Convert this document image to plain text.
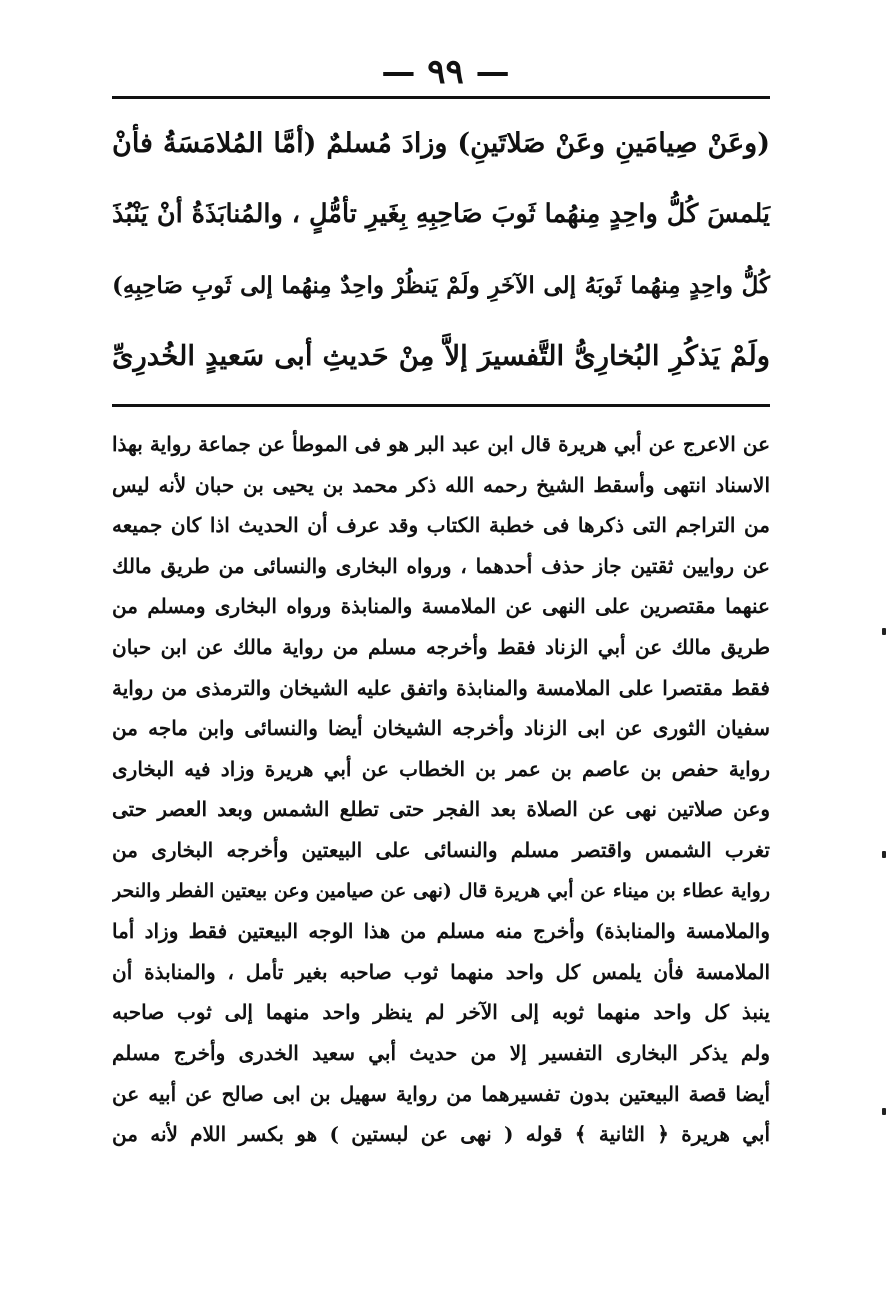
— ٩٩ —
(وعَنْ صِيامَينِ وعَنْ صَلاتَينِ) وزادَ مُسلمٌ (أمَّا المُلامَسَةُ فأنْ
يَلمسَ كُلُّ واحِدٍ مِنهُما ثَوبَ صَاحِبِهِ بِغَيرِ تأمُّلٍ ، والمُنابَذَةُ أنْ يَنْبُذَ
كُلُّ واحِدٍ مِنهُما ثَوبَهُ إلى الآخَرِ ولَمْ يَنظُرْ واحِدٌ مِنهُما إلى ثَوبِ صَاحِبِهِ)
ولَمْ يَذكُرِ البُخارِىُّ التَّفسيرَ إلاَّ مِنْ حَديثِ أبى سَعيدٍ الخُدرِىِّ
عن الاعرج عن أبي هريرة قال ابن عبد البر هو فى الموطأ عن جماعة رواية بهذا
الاسناد انتهى وأسقط الشيخ رحمه الله ذكر محمد بن يحيى بن حبان لأنه ليس
من التراجم التى ذكرها فى خطبة الكتاب وقد عرف أن الحديث اذا كان جميعه
عن روايين ثقتين جاز حذف أحدهما ، ورواه البخارى والنسائى من طريق مالك
عنهما مقتصرين على النهى عن الملامسة والمنابذة ورواه البخارى ومسلم من
طريق مالك عن أبي الزناد فقط وأخرجه مسلم من رواية مالك عن ابن حبان
فقط مقتصرا على الملامسة والمنابذة واتفق عليه الشيخان والترمذى من رواية
سفيان الثورى عن ابى الزناد وأخرجه الشيخان أيضا والنسائى وابن ماجه من
رواية حفص بن عاصم بن عمر بن الخطاب عن أبي هريرة وزاد فيه البخارى
وعن صلاتين نهى عن الصلاة بعد الفجر حتى تطلع الشمس وبعد العصر حتى
تغرب الشمس واقتصر مسلم والنسائى على البيعتين وأخرجه البخارى من
رواية عطاء بن ميناء عن أبي هريرة قال (نهى عن صيامين وعن بيعتين الفطر والنحر
والملامسة والمنابذة) وأخرج منه مسلم من هذا الوجه البيعتين فقط وزاد أما
الملامسة فأن يلمس كل واحد منهما ثوب صاحبه بغير تأمل ، والمنابذة أن
ينبذ كل واحد منهما ثوبه إلى الآخر لم ينظر واحد منهما إلى ثوب صاحبه
ولم يذكر البخارى التفسير إلا من حديث أبي سعيد الخدرى وأخرج مسلم
أيضا قصة البيعتين بدون تفسيرهما من رواية سهيل بن ابى صالح عن أبيه عن
أبي هريرة ﴿ الثانية ﴾ قوله ( نهى عن لبستين ) هو بكسر اللام لأنه من
